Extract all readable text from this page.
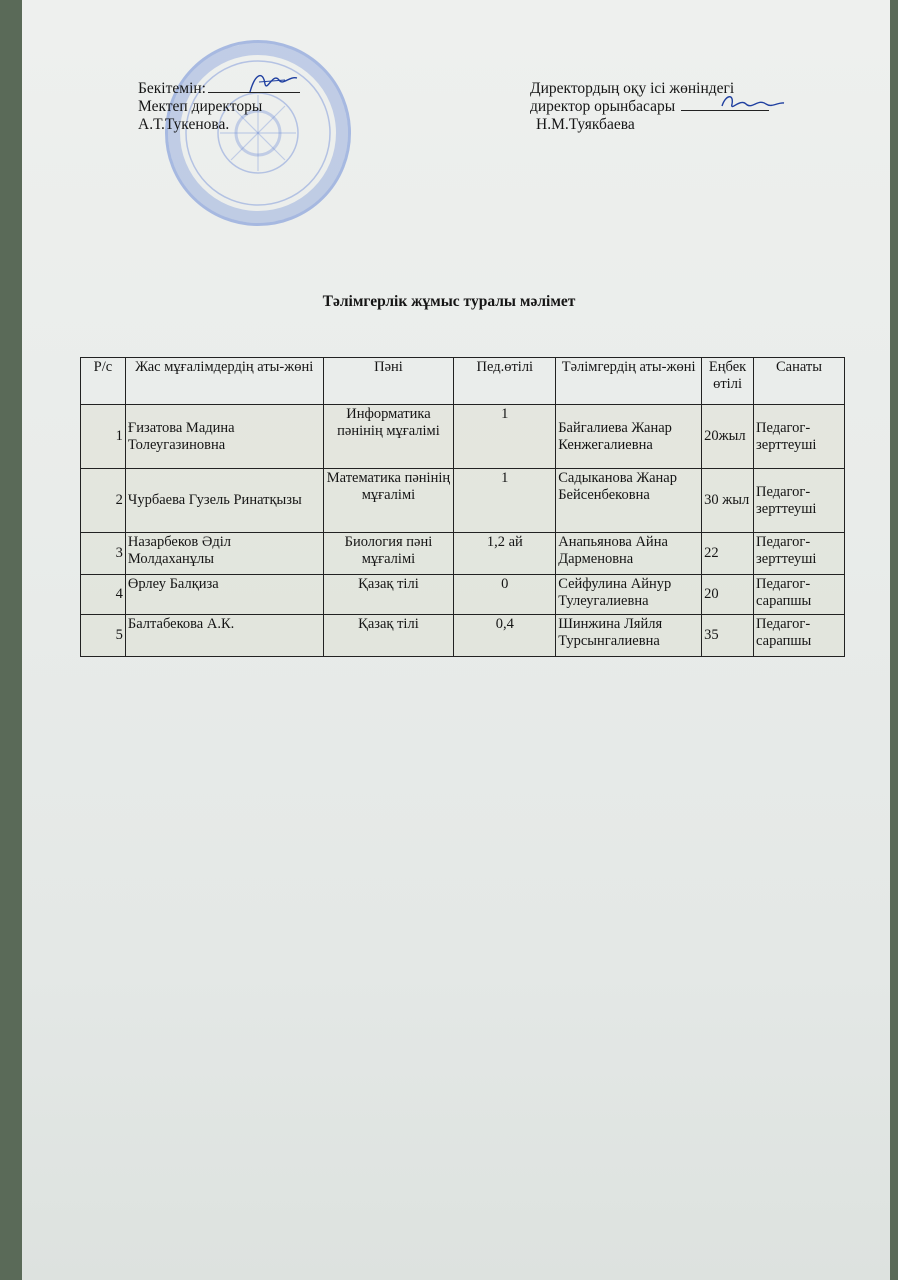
Бекітемін:
Мектеп директоры
А.Т.Тукенова.
Директордың оқу ісі жөніндегі
директор орынбасары
Н.М.Туякбаева
Тәлімгерлік жұмыс туралы мәлімет
Р/с	Жас мұғалімдердің аты-жөні	Пәні	Пед.өтілі	Тәлімгердің аты-жөні	Еңбек өтілі	Санаты
1	Ғизатова Мадина Толеугазиновна	Информатика пәнінің мұғалімі	1	Байгалиева Жанар Кенжегалиевна	20жыл	Педагог-зерттеуші
2	Чурбаева Гузель Ринатқызы	Математика пәнінің мұғалімі	1	Садыканова Жанар Бейсенбековна	30 жыл	Педагог-зерттеуші
3	Назарбеков Әділ Молдаханұлы	Биология пәні мұғалімі	1,2 ай	Анапьянова Айна Дарменовна	22	Педагог-зерттеуші
4	Өрлеу Балқиза	Қазақ тілі	0	Сейфулина Айнур Тулеугалиевна	20	Педагог-сарапшы
5	Балтабекова А.К.	Қазақ тілі	0,4	Шинжина Ляйля Турсынгалиевна	35	Педагог-сарапшы
